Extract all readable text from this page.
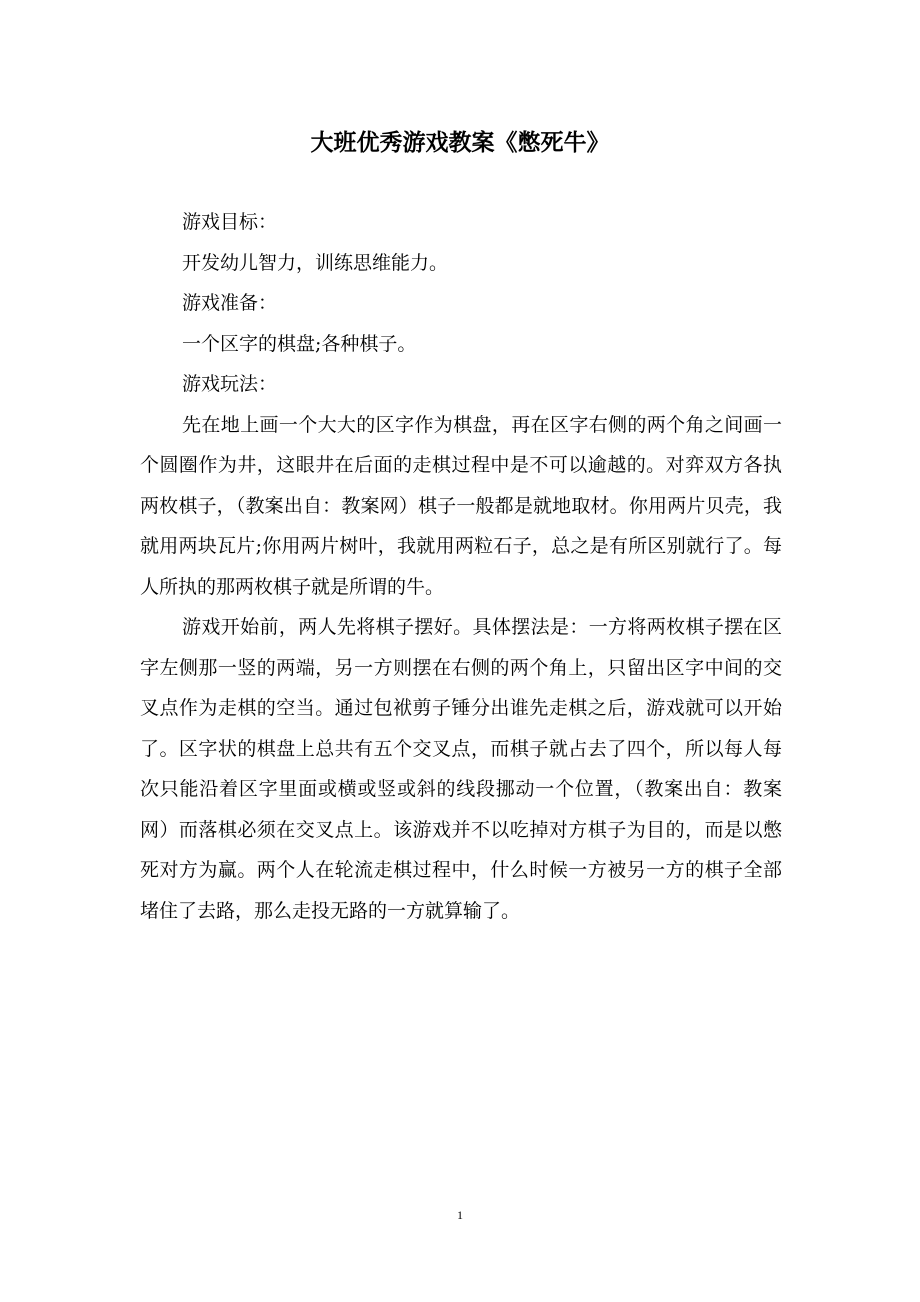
大班优秀游戏教案《憋死牛》

游戏目标：

开发幼儿智力，训练思维能力。

游戏准备：

一个区字的棋盘;各种棋子。

游戏玩法：

先在地上画一个大大的区字作为棋盘，再在区字右侧的两个角之间画一个圆圈作为井，这眼井在后面的走棋过程中是不可以逾越的。对弈双方各执两枚棋子，（教案出自：教案网）棋子一般都是就地取材。你用两片贝壳，我就用两块瓦片;你用两片树叶，我就用两粒石子，总之是有所区别就行了。每人所执的那两枚棋子就是所谓的牛。

游戏开始前，两人先将棋子摆好。具体摆法是：一方将两枚棋子摆在区字左侧那一竖的两端，另一方则摆在右侧的两个角上，只留出区字中间的交叉点作为走棋的空当。通过包袱剪子锤分出谁先走棋之后，游戏就可以开始了。区字状的棋盘上总共有五个交叉点，而棋子就占去了四个，所以每人每次只能沿着区字里面或横或竖或斜的线段挪动一个位置，（教案出自：教案网）而落棋必须在交叉点上。该游戏并不以吃掉对方棋子为目的，而是以憋死对方为赢。两个人在轮流走棋过程中，什么时候一方被另一方的棋子全部堵住了去路，那么走投无路的一方就算输了。

1
